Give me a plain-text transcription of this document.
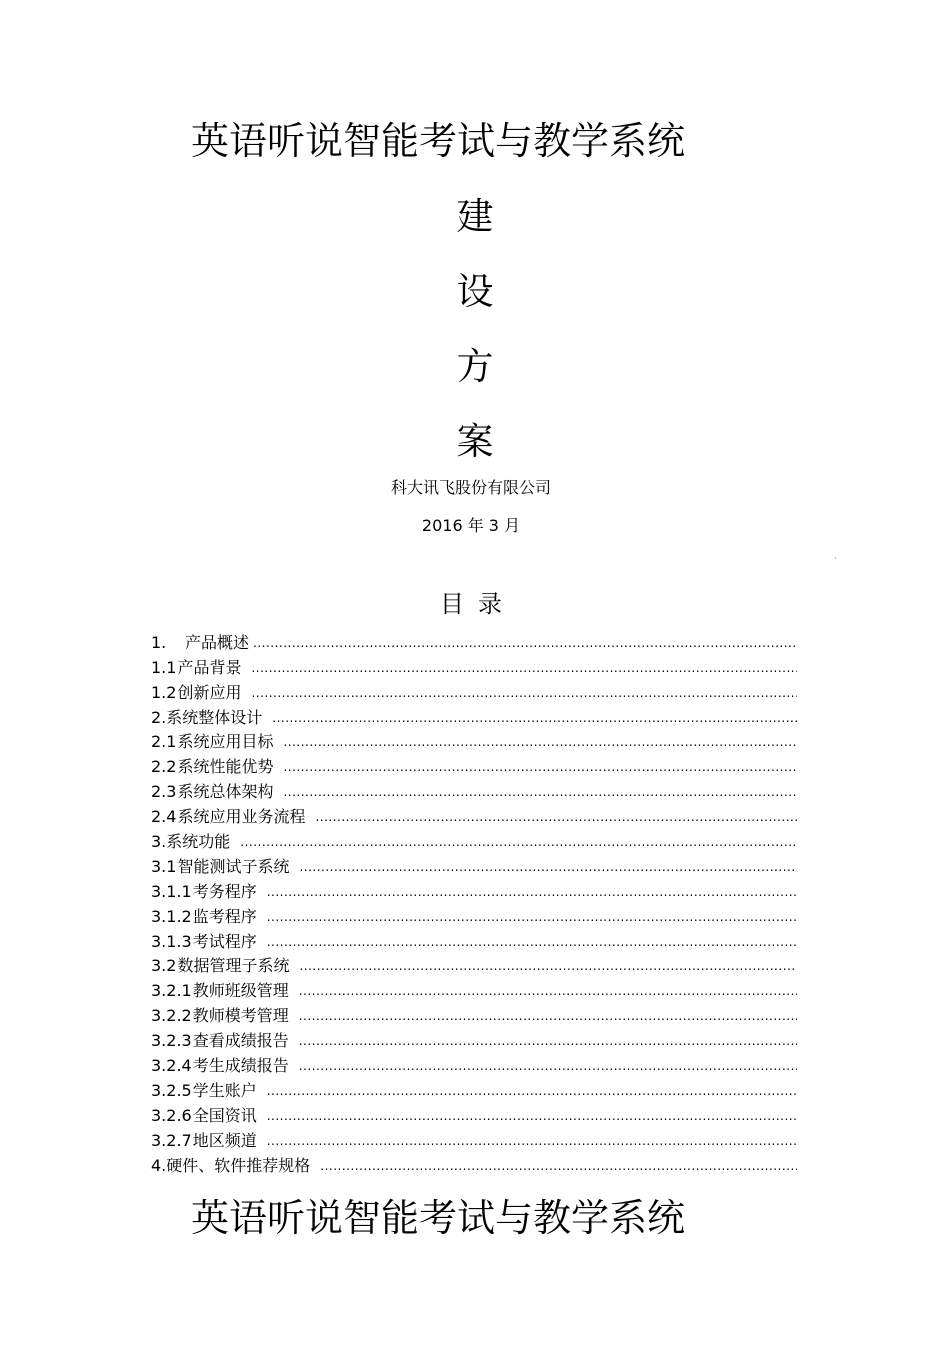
英语听说智能考试与教学系统
建
设
方
案
科大讯飞股份有限公司
2016 年 3 月
·
目录
1. 产品概述
.....
1.1产品背景
.....
1.2创新应用
.....
2.系统整体设计
.....
2.1系统应用目标
.....
2.2系统性能优势
.....
2.3系统总体架构
.....
2.4系统应用业务流程
.....
3.系统功能
.....
3.1智能测试子系统
.....
3.1.1考务程序
.....
3.1.2监考程序
.....
3.1.3考试程序
.....
3.2数据管理子系统
.....
3.2.1教师班级管理
.....
3.2.2教师模考管理
.....
3.2.3查看成绩报告
.....
3.2.4考生成绩报告
.....
3.2.5学生账户
.....
3.2.6全国资讯
.....
3.2.7地区频道
.....
4.硬件、软件推荐规格
.....
英语听说智能考试与教学系统
